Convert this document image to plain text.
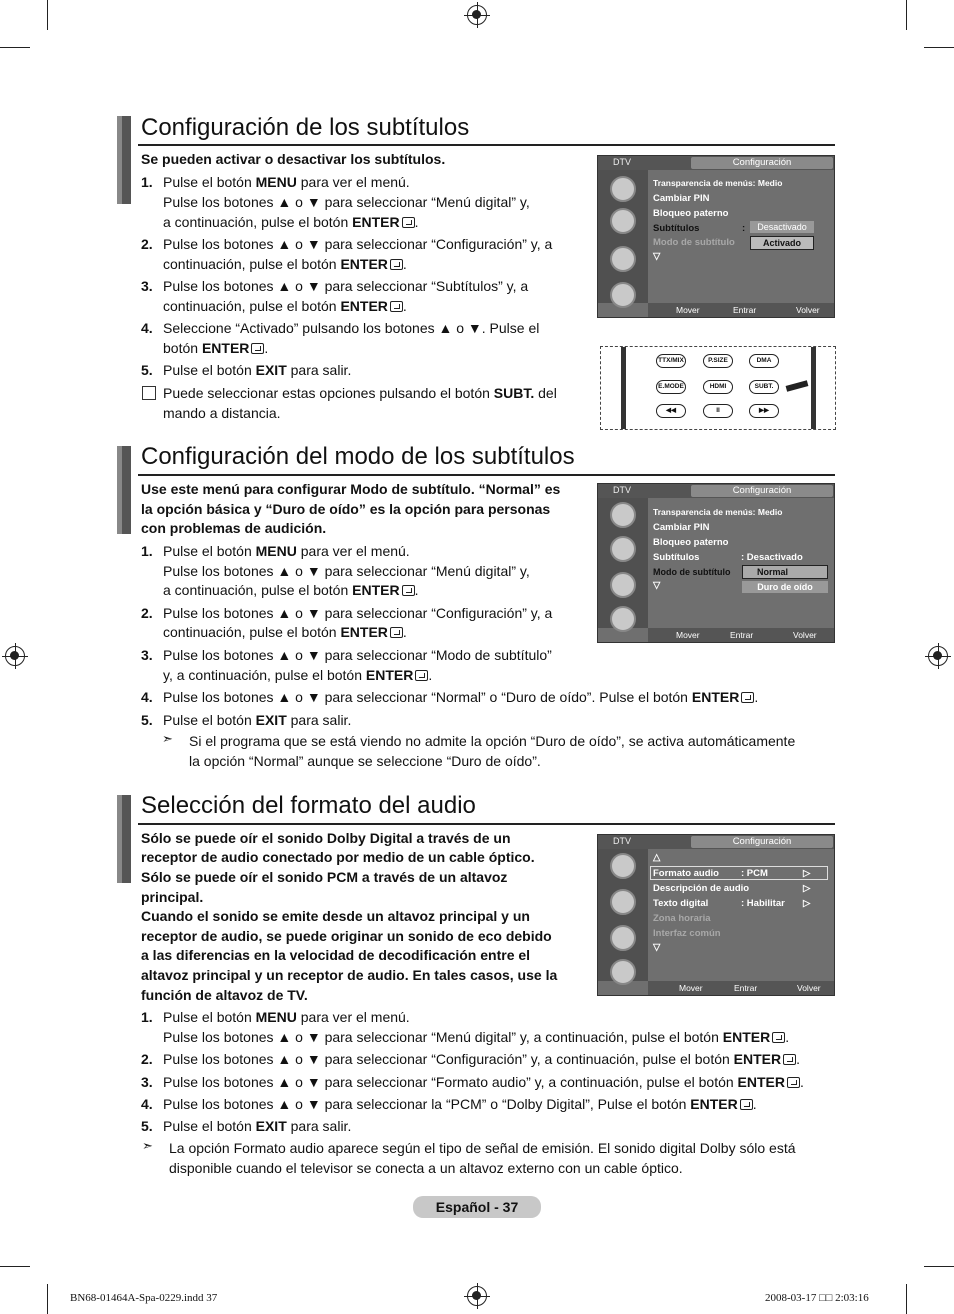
Configuración de los subtítulos
Se pueden activar o desactivar los subtítulos.
1. Pulse el botón MENU para ver el menú.
Pulse los botones ▲ o ▼ para seleccionar “Menú digital” y,
a continuación, pulse el botón ENTER .
2. Pulse los botones ▲ o ▼ para seleccionar “Configuración” y, a
continuación, pulse el botón ENTER .
3. Pulse los botones ▲ o ▼ para seleccionar “Subtítulos” y, a
continuación, pulse el botón ENTER .
4. Seleccione “Activado” pulsando los botones ▲ o ▼. Pulse el
botón ENTER .
5. Pulse el botón EXIT para salir.
Puede seleccionar estas opciones pulsando el botón SUBT. del
mando a distancia.
DTV	Configuración
Transparencia de menús: Medio
Cambiar PIN
Bloqueo paterno
Subtítulos	:
Modo de subtítulo
Desactivado
Activado
▽
Mover	Entrar	Volver
TTX/MIX	P.SIZE	DMA
E.MODE	HDMI	SUBT.
◀◀	II	▶▶
Configuración del modo de los subtítulos
Use este menú para configurar Modo de subtítulo. “Normal” es
la opción básica y “Duro de oído” es la opción para personas
con problemas de audición.
1. Pulse el botón MENU para ver el menú.
Pulse los botones ▲ o ▼ para seleccionar “Menú digital” y,
a continuación, pulse el botón ENTER .
2. Pulse los botones ▲ o ▼ para seleccionar “Configuración” y, a
continuación, pulse el botón ENTER .
3. Pulse los botones ▲ o ▼ para seleccionar “Modo de subtítulo”
y, a continuación, pulse el botón ENTER .
4. Pulse los botones ▲ o ▼ para seleccionar “Normal” o “Duro de oído”. Pulse el botón ENTER .
5. Pulse el botón EXIT para salir.
➣ Si el programa que se está viendo no admite la opción “Duro de oído”, se activa automáticamente
la opción “Normal” aunque se seleccione “Duro de oído”.
DTV	Configuración
Transparencia de menús: Medio
Cambiar PIN
Bloqueo paterno
Subtítulos	: Desactivado
Modo de subtítulo	Normal
Duro de oído
▽
Mover	Entrar	Volver
Selección del formato del audio
Sólo se puede oír el sonido Dolby Digital a través de un
receptor de audio conectado por medio de un cable óptico.
Sólo se puede oír el sonido PCM a través de un altavoz
principal.
Cuando el sonido se emite desde un altavoz principal y un
receptor de audio, se puede originar un sonido de eco debido
a las diferencias en la velocidad de decodificación entre el
altavoz principal y un receptor de audio. En tales casos, use la
función de altavoz de TV.
1. Pulse el botón MENU para ver el menú.
Pulse los botones ▲ o ▼ para seleccionar “Menú digital” y, a continuación, pulse el botón ENTER .
2. Pulse los botones ▲ o ▼ para seleccionar “Configuración” y, a continuación, pulse el botón ENTER .
3. Pulse los botones ▲ o ▼ para seleccionar “Formato audio” y, a continuación, pulse el botón ENTER .
4. Pulse los botones ▲ o ▼ para seleccionar la “PCM” o “Dolby Digital”, Pulse el botón ENTER .
5. Pulse el botón EXIT para salir.
➣ La opción Formato audio aparece según el tipo de señal de emisión. El sonido digital Dolby sólo está
disponible cuando el televisor se conecta a un altavoz externo con un cable óptico.
DTV	Configuración
△
Formato audio : PCM	▷
Descripción de audio	▷
Texto digital	: Habilitar ▷
Zona horaria
Interfaz común
▽
Mover	Entrar	Volver
Español - 37
BN68-01464A-Spa-0229.indd 37	2008-03-17 □□ 2:03:16
